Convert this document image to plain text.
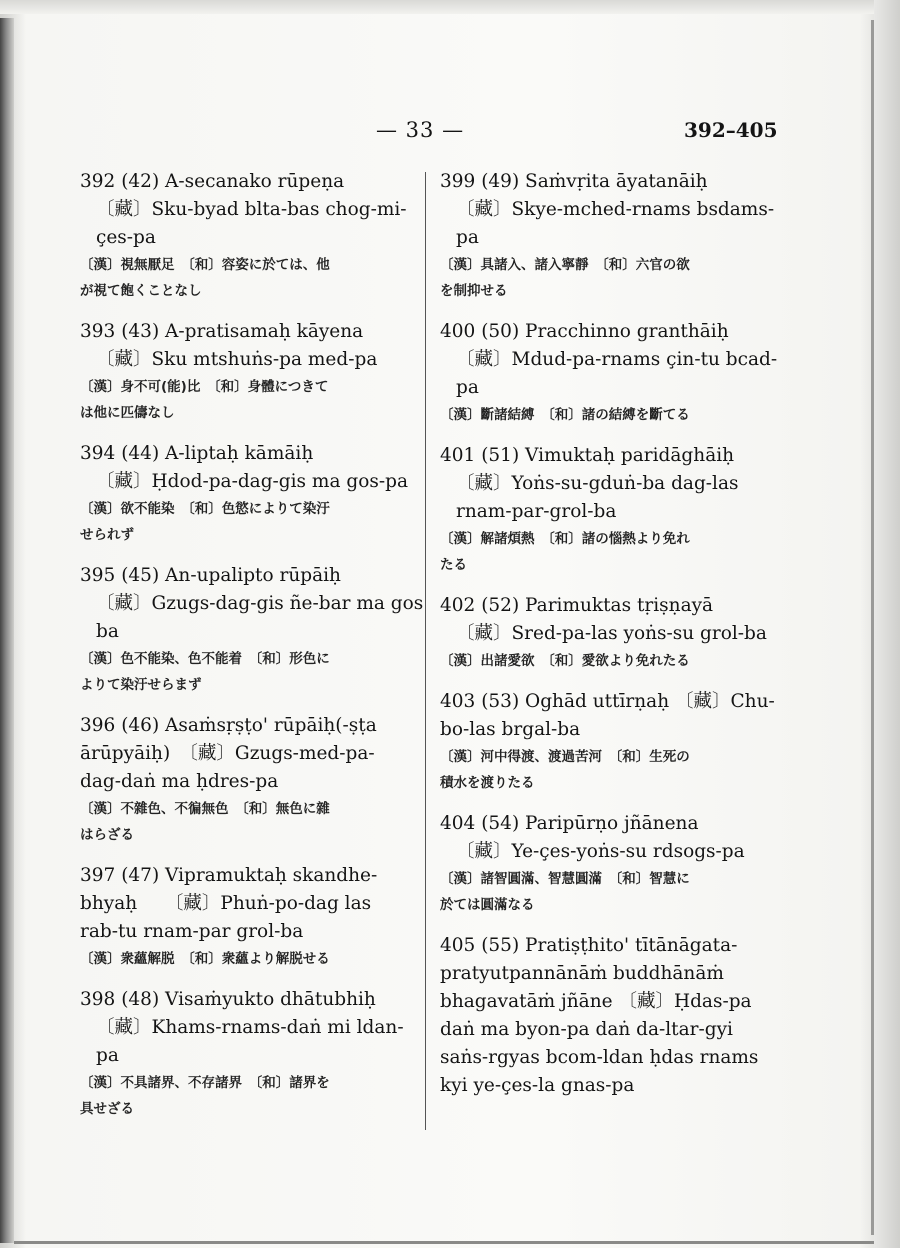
— 33 —	392–405
392 (42) A-secanako rūpeṇa
〔藏〕Sku-byad blta-bas chog-mi-
çes-pa
〔漢〕視無厭足　〔和〕容姿に於ては、他
が視て飽くことなし
393 (43) A-pratisamaḥ kāyena
〔藏〕Sku mtshuṅs-pa med-pa
〔漢〕身不可(能)比　〔和〕身體につきて
は他に匹儔なし
394 (44) A-liptaḥ kāmāiḥ
〔藏〕Ḥdod-pa-dag-gis ma gos-pa
〔漢〕欲不能染　〔和〕色慾によりて染汙
せられず
395 (45) An-upalipto rūpāiḥ
〔藏〕Gzugs-dag-gis ñe-bar ma gos
ba
〔漢〕色不能染、色不能着　〔和〕形色に
よりて染汙せらまず
396 (46) Asaṁsṛṣṭo' rūpāiḥ(-ṣṭa
ārūpyāiḥ)　〔藏〕Gzugs-med-pa-
dag-daṅ ma ḥdres-pa
〔漢〕不雜色、不徧無色　〔和〕無色に雜
はらざる
397 (47) Vipramuktaḥ skandhe-
bhyaḥ　　〔藏〕Phuṅ-po-dag las
rab-tu rnam-par grol-ba
〔漢〕衆蘊解脱　〔和〕衆蘊より解脱せる
398 (48) Visaṁyukto dhātubhiḥ
〔藏〕Khams-rnams-daṅ mi ldan-
pa
〔漢〕不具諸界、不存諸界　〔和〕諸界を
具せざる
399 (49) Saṁvṛita āyatanāiḥ
〔藏〕Skye-mched-rnams bsdams-
pa
〔漢〕具諸入、諸入寧靜　〔和〕六官の欲
を制抑せる
400 (50) Pracchinno granthāiḥ
〔藏〕Mdud-pa-rnams çin-tu bcad-
pa
〔漢〕斷諸結縛　〔和〕諸の結縛を斷てる
401 (51) Vimuktaḥ paridāghāiḥ
〔藏〕Yoṅs-su-gduṅ-ba dag-las
rnam-par-grol-ba
〔漢〕解諸煩熱　〔和〕諸の惱熱より免れ
たる
402 (52) Parimuktas tṛiṣṇayā
〔藏〕Sred-pa-las yoṅs-su grol-ba
〔漢〕出諸愛欲　〔和〕愛欲より免れたる
403 (53) Oghād uttīrṇaḥ 〔藏〕Chu-
bo-las brgal-ba
〔漢〕河中得渡、渡過苦河　〔和〕生死の
積水を渡りたる
404 (54) Paripūrṇo jñānena
〔藏〕Ye-çes-yoṅs-su rdsogs-pa
〔漢〕諸智圓滿、智慧圓滿　〔和〕智慧に
於ては圓滿なる
405 (55) Pratiṣṭhito' tītānāgata-
pratyutpannānāṁ buddhānāṁ
bhagavatāṁ jñāne 〔藏〕Ḥdas-pa
daṅ ma byon-pa daṅ da-ltar-gyi
saṅs-rgyas bcom-ldan ḥdas rnams
kyi ye-çes-la gnas-pa
